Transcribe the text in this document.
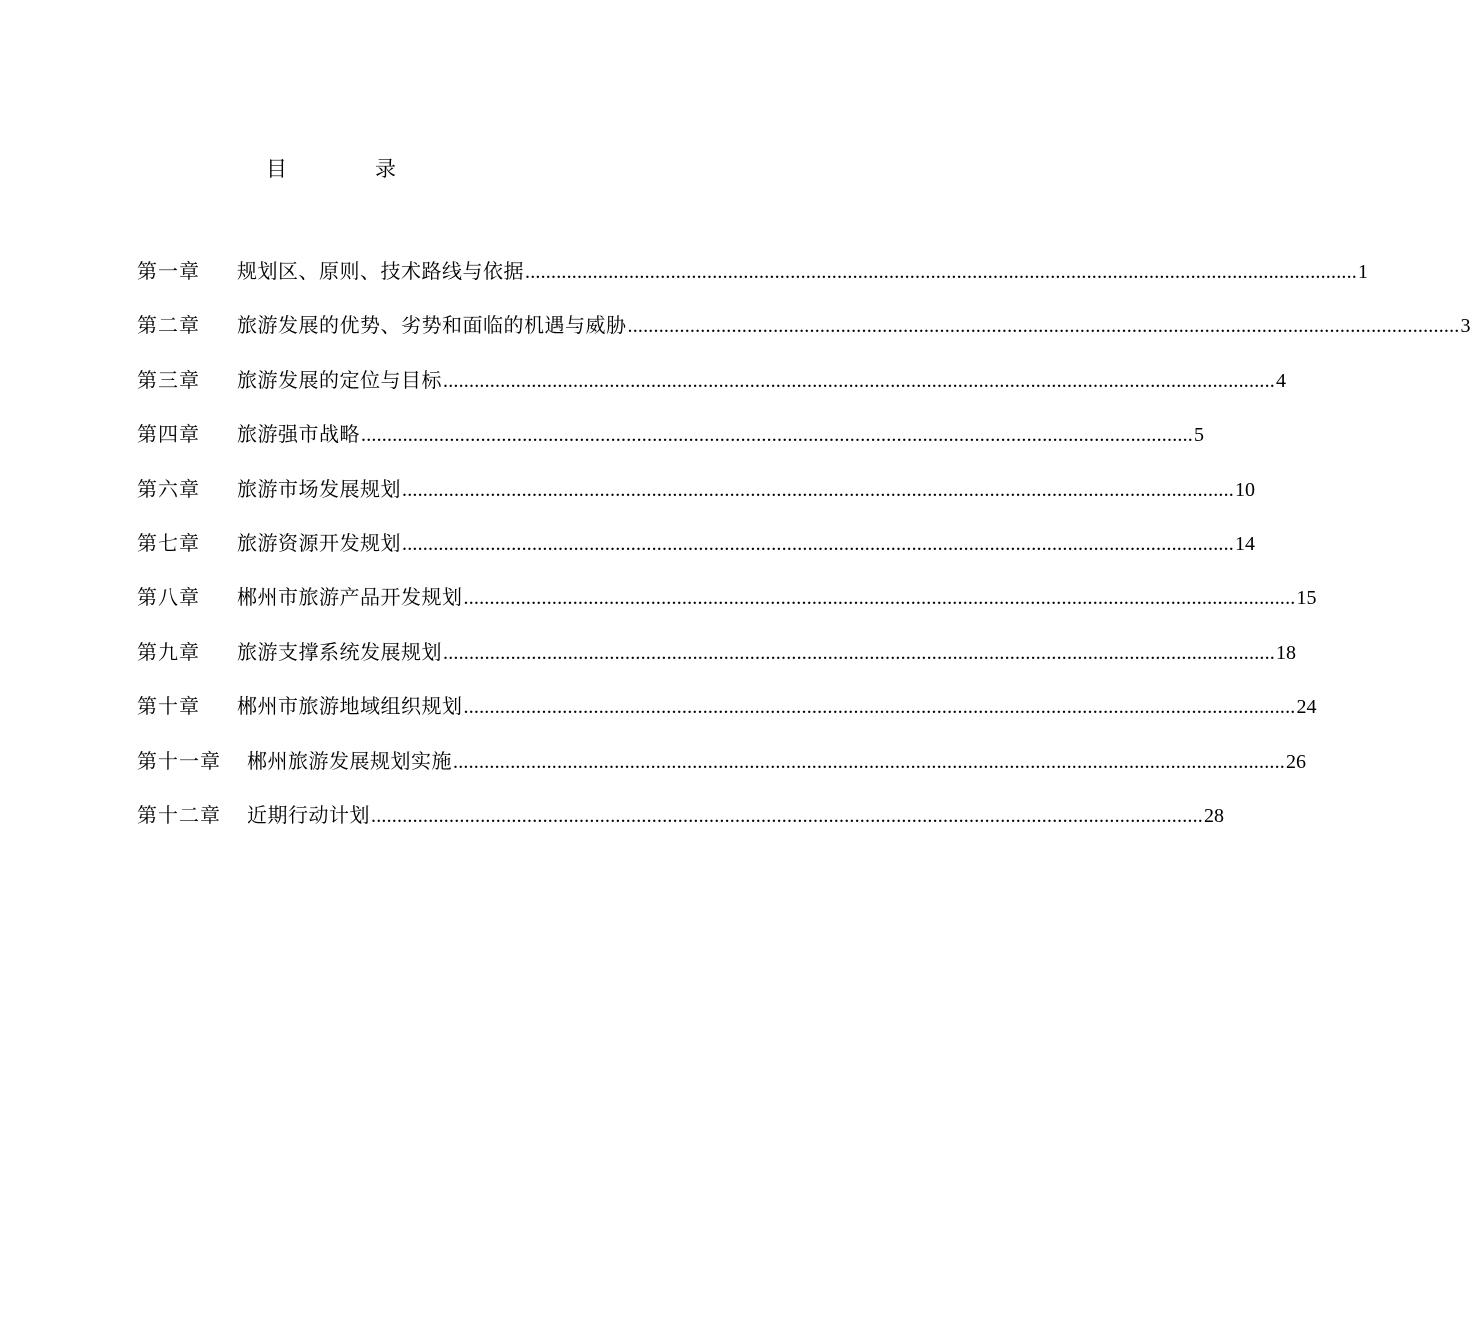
目	录
第一章	规划区、原则、技术路线与依据 ................................................................................................................................................................ 1
第二章	旅游发展的优势、劣势和面临的机遇与威胁 ................................................................................................................................................................ 3
第三章	旅游发展的定位与目标 ................................................................................................................................................................ 4
第四章	旅游强市战略 ................................................................................................................................................................ 5
第六章	旅游市场发展规划 ................................................................................................................................................................ 10
第七章	旅游资源开发规划 ................................................................................................................................................................ 14
第八章	郴州市旅游产品开发规划 ................................................................................................................................................................ 15
第九章	旅游支撑系统发展规划 ................................................................................................................................................................ 18
第十章	郴州市旅游地域组织规划 ................................................................................................................................................................ 24
第十一章	郴州旅游发展规划实施 ................................................................................................................................................................ 26
第十二章	近期行动计划 ................................................................................................................................................................ 28
